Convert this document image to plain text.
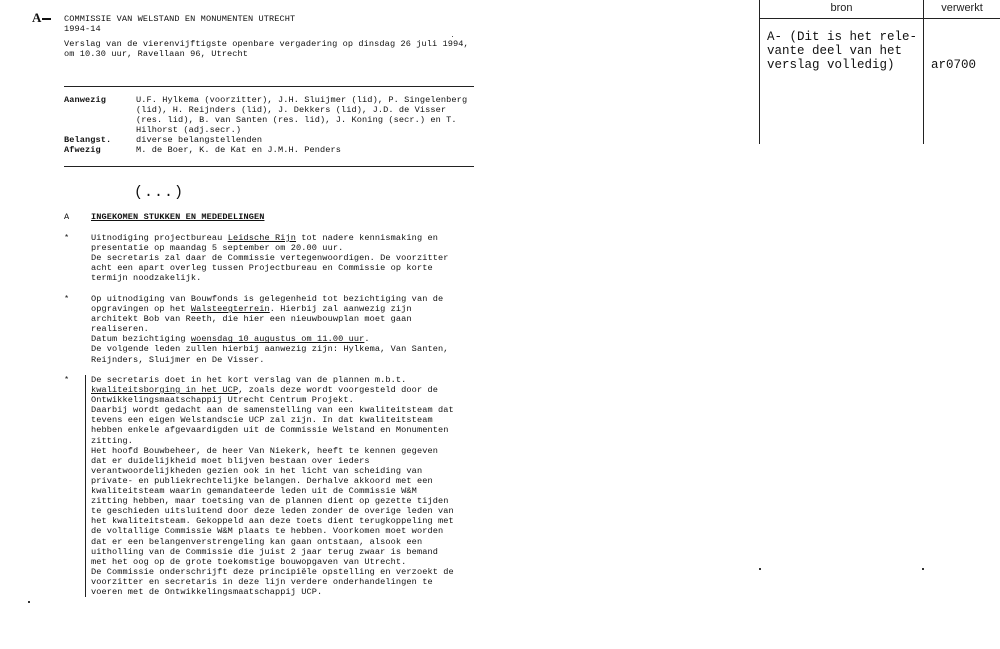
A	COMMISSIE VAN WELSTAND EN MONUMENTEN UTRECHT
1994-14
Verslag van de vierenvijftigste openbare vergadering op dinsdag 26 juli 1994,
om 10.30 uur, Ravellaan 96, Utrecht
Aanwezig	U.F. Hylkema (voorzitter), J.H. Sluijmer (lid), P. Singelenberg
(lid), H. Reijnders (lid), J. Dekkers (lid), J.D. de Visser
(res. lid), B. van Santen (res. lid), J. Koning (secr.) en T.
Hilhorst (adj.secr.)
Belangst.	diverse belangstellenden
Afwezig	M. de Boer, K. de Kat en J.M.H. Penders
(...)
A	INGEKOMEN STUKKEN EN MEDEDELINGEN
*	Uitnodiging projectbureau Leidsche Rijn tot nadere kennismaking en
presentatie op maandag 5 september om 20.00 uur.
De secretaris zal daar de Commissie vertegenwoordigen. De voorzitter
acht een apart overleg tussen Projectbureau en Commissie op korte
termijn noodzakelijk.
*	Op uitnodiging van Bouwfonds is gelegenheid tot bezichtiging van de
opgravingen op het Walsteegterrein. Hierbij zal aanwezig zijn
architekt Bob van Reeth, die hier een nieuwbouwplan moet gaan
realiseren.
Datum bezichtiging woensdag 10 augustus om 11.00 uur.
De volgende leden zullen hierbij aanwezig zijn: Hylkema, Van Santen,
Reijnders, Sluijmer en De Visser.
*	De secretaris doet in het kort verslag van de plannen m.b.t.
kwaliteitsborging in het UCP, zoals deze wordt voorgesteld door de
Ontwikkelingsmaatschappij Utrecht Centrum Projekt.
Daarbij wordt gedacht aan de samenstelling van een kwaliteitsteam dat
tevens een eigen Welstandscie UCP zal zijn. In dat kwaliteitsteam
hebben enkele afgevaardigden uit de Commissie Welstand en Monumenten
zitting.
Het hoofd Bouwbeheer, de heer Van Niekerk, heeft te kennen gegeven
dat er duidelijkheid moet blijven bestaan over ieders
verantwoordelijkheden gezien ook in het licht van scheiding van
private- en publiekrechtelijke belangen. Derhalve akkoord met een
kwaliteitsteam waarin gemandateerde leden uit de Commissie W&M
zitting hebben, maar toetsing van de plannen dient op gezette tijden
te geschieden uitsluitend door deze leden zonder de overige leden van
het kwaliteitsteam. Gekoppeld aan deze toets dient terugkoppeling met
de voltallige Commissie W&M plaats te hebben. Voorkomen moet worden
dat er een belangenverstrengeling kan gaan ontstaan, alsook een
uitholling van de Commissie die juist 2 jaar terug zwaar is bemand
met het oog op de grote toekomstige bouwopgaven van Utrecht.
De Commissie onderschrijft deze principiële opstelling en verzoekt de
voorzitter en secretaris in deze lijn verdere onderhandelingen te
voeren met de Ontwikkelingsmaatschappij UCP.
bron	verwerkt
A- (Dit is het rele-
vante deel van het
verslag volledig)	ar0700
